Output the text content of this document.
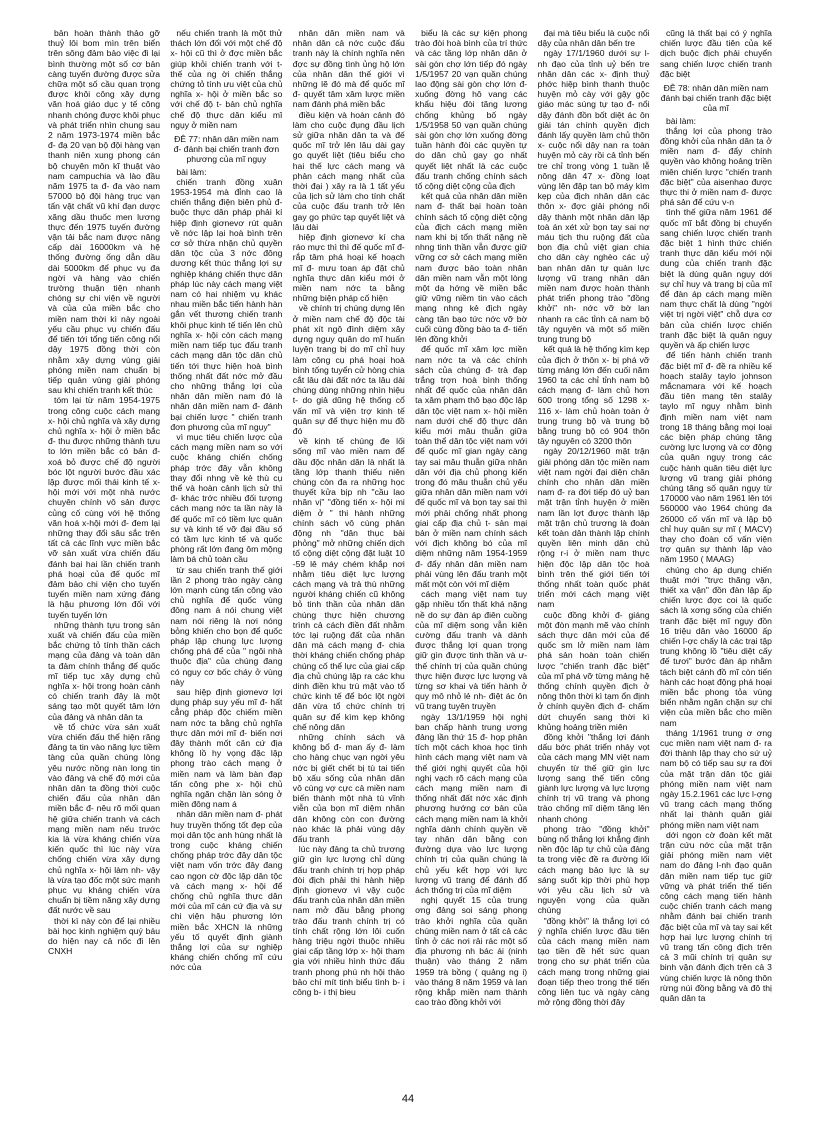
bản hoàn thành thảo gỡ thuỷ lôi bom mìn trên biển trên sông đảm bảo việc đi lại bình thường một số cơ bản càng tuyến đường được sửa chữa một số cầu quan trọng được khôi công xây dựng văn hoá giáo dục y tế công nhanh chóng được khôi phục và phát triển nhìn chung sau 2 năm 1973-1974 miền bắc đ- đạ 20 vạn bộ đội hàng vạn thanh niên xung phong cán bộ chuyên môn kĩ thuật vào nam campuchia và lào đầu năm 1975 ta đ- đa vào nam 57000 bộ đội hàng trục vạn tấn vật chất vũ khí đạn dược xăng dầu thuốc men lương thực đến 1975 tuyến đường vận tải bắc nam được nâng cấp dài 16000km và hệ thống đường ống dẫn dầu dài 5000km để phục vụ đa ngời và hàng vào chiến trường thuận tiện nhanh chóng sự chi viện về người và của của miền bắc cho miền nam thời kì này ngoài yếu cầu phục vụ chiến đấu để tiến tới tổng tiến công nổi dậy 1975 đồng thời còn nhằm xây dựng vùng giải phóng miền nam chuẩn bị tiếp quản vùng giải phóng sau khi chiến tranh kết thúc

tóm lại từ năm 1954-1975 trong công cuộc cách mạng x- hội chủ nghĩa và xây dựng chủ nghĩa x- hội ở miền bắc đ- thu được những thành tựu to lớn miền bắc có bản đ- xoá bỏ được chế độ người bóc lột người bước đầu xác lập được mối thái kinh tế x- hội mới với một nhà nước chuyên chính vô sản được củng cố cùng với hệ thống văn hoá x-hội mới đ- đem lại những thay đổi sâu sắc trên tất cả các lĩnh vực miền bắc vỡ sản xuất vừa chiến đấu đánh bại hai lần chiến tranh phá hoại của đế quốc mĩ đảm bảo chi viện cho tuyến tuyến miền nam xứng đáng là hậu phương lớn đối với tuyến tuyến lớn

những thành tựu trong sản xuất và chiến đấu của miền bắc chứng tỏ tính thần cách mạng của đảng và toàn dân ta đảm chính thắng để quốc mĩ tiếp tục xây dựng chủ nghĩa x- hội trong hoàn cảnh có chiến tranh đây là một sáng tạo một quyết tâm lớn của đảng và nhân dân ta

về tổ chức vừa sản xuất vừa chiến đấu thể hiện răng đảng ta tin vào năng lực tiềm tàng của quần chúng lòng yêu nước nồng nàn long tin vào đảng và chế độ mới của nhân dân ta đồng thời cuộc chiến đấu của nhân dân miền bắc đ- nêu rõ mối quan hệ giữa chiến tranh và cách mạng miền nam nếu trước kia là vừa kháng chiến vừa kiến quốc thì lúc này vừa chống chiến vừa xây dựng chủ nghĩa x- hội làm nh- vậy là vừa tạo đốc một sức mạnh phục vụ kháng chiến vừa chuẩn bị tiềm năng xây dựng đất nước về sau

thời kì này còn để lại nhiều bài học kinh nghiệm quý báu do hiện nay cả nốc đi lên CNXH

nếu chiến tranh là một thử thách lớn đối với một chế độ x- hội cũ thì ở đợc miền bắc giúp khỏi chiến tranh với t- thế của ng ời chiến thắng chứng tỏ tính ưu việt của chủ nghĩa x- hội ở miền bắc so với chế độ t- bản chủ nghĩa chế độ thực dân kiểu mĩ ngụy ở miền nam

ĐÊ 77: nhân dân miền nam đ- đánh bại chiến tranh đơn phương của mĩ ngụy

bài làm:

chiến tranh đồng xuân 1953-1954 mà đỉnh cao là chiến thắng điện biên phủ đ- buộc thực dân pháp phải kí hiệp định giơnevơ rút quân về nớc lập lại hoà bình trên cơ sở thừa nhận chủ quyền dân tộc của 3 nớc đông dương kết thúc thắng lợi sự nghiệp kháng chiến thực dân pháp lúc này cách mạng việt nam có hai nhiệm vụ khác nhau miền bắc tiến hành hàn gắn vết thương chiến tranh khôi phục kinh tế tiến lên chủ nghĩa x- hội còn cách mạng miền nam tiếp tục đấu tranh cách mạng dân tộc dân chủ tiến tới thực hiện hoà bình thống nhất đất nớc mở đầu cho những thắng lợi của nhân dân miền nam đó là nhân dân miền nam đ- đánh bại chiến lược " chiến tranh đơn phương của mĩ ngụy"

vì mục tiêu chiến lược của cách mạng miền nam so với cuộc kháng chiến chống pháp trớc đây vẫn không thay đổi nhng về kẻ thù cụ thể và hoàn cảnh lịch sử thì đ- khác trớc nhiều đối tượng cách mạng nớc ta lần này là để quốc mĩ có tiềm lực quân sự và kinh tế vỡ đại đầu số có tầm lực kinh tế và quốc phòng rất lớn đang ôm mộng làm bá chủ toàn cầu

từ sau chiến tranh thế giới lần 2 phong trào ngày càng lớn mạnh cùng tấn công vào chủ nghĩa đế quốc vùng đông nam á nói chung việt nam nói riêng là nơi nóng bỏng khiến cho bọn để quốc pháp lập chung lực lượng chống phá để của " ngôi nhà thuộc địa" của chúng đang có nguy cơ bốc cháy ở vùng này

sau hiệp định giơnevơ lợi dụng pháp suy yếu mĩ đ- hất cẳng pháp độc chiếm miền nam nớc ta bằng chủ nghĩa thực dân mới mĩ đ- biến nơi đây thành mốt căn cứ địa không lồ hy vọng đặc lập phong trào cách mạng ở miền nam và làm bàn đạp tấn công phe x- hội chủ nghĩa ngăn chặn làn sóng ở miền đông nam á

nhân dân miền nam đ- phát huy truyền thống tốt đẹp của mọi dân tộc anh hùng nhất là trong cuộc kháng chiến chống pháp trớc đây dân tộc việt nam vốn trớc đây đang cao ngọn cờ độc lập dân tộc và cách mạng x- hội để chống chủ nghĩa thực dân mới của mĩ cán cứ địa và sự chi viện hậu phương lớn miền bắc XHCN là những yếu tố quyết định giành thắng lợi của sự nghiệp kháng chiến chống mĩ cứu nớc của

nhân dân miền nam và nhân dân cả nớc cuộc đấu tranh này là chính nghĩa nên đợc sự đồng tình ủng hộ lớn của nhân dân thế giới vì những lẽ đó mà để quốc mĩ đ- quyết tâm xâm lược miền nam đánh phá miền bắc

điều kiện và hoàn cảnh đó làm cho cuộc đụng đầu lịch sử giữa nhân dân ta và đế quốc mĩ trở lên lâu dài gay go quyết liệt (tiêu biểu cho hai thế lực cách mạng và phản cách mạng nhất của thời đại ) xây ra là 1 tất yếu của lịch sử làm cho tính chất của cuộc đấu tranh trở lên gay go phức tạp quyết liệt và lâu dài

hiệp định giơnevơ kí cha ráo mực thì thì đế quốc mĩ đ- rắp tâm phá hoại kế hoạch mĩ đ- mưu toan áp đặt chủ nghĩa thực dân kiểu mới ở miền nam nớc ta bằng những biện pháp cố hiện

về chính trị chúng dựng lên ở miền nam chế độ độc tài phát xít ngô đình diệm xây dựng nguy quân do mĩ huấn luyện trang bị do mĩ chỉ huy làm công cụ phá hoại hoà bình tống tuyển cử hòng chia cắt lâu dài đất nớc ta lâu dài chúng dùng những nhìn hiệu t- do giả dũng hệ thống cổ vấn mĩ và viện trợ kinh tế quân sự để thực hiện mu đồ đó

về kinh tế chúng đe lối sống mĩ vào miền nam để dầu độc nhân dân là nhất là tầng lớp thanh thiếu niên chúng còn đa ra những học thuyết kửa bịp nh "cầu lao nhân vị" "đồng tiến x- hội mi diệm ở " thi hành những chính sách vô cùng phản động nh "dân thục bài phỏng" mở những chiến dịch tố cộng diệt cộng đặt luật 10 -59 lê máy chém khắp nơi nhằm tiêu diệt lực lượng cách mạng và trả thù những người kháng chiến cũ không bỏ tinh thần của nhân dân chúng thực hiện chương trình cả cách điền đất nhằm tớc lại ruộng đất của nhân dân mà cách mạng đ- chia thời kháng chiến chống pháp chúng cố thể lực của giai cấp địa chủ chúng lập ra các khu dinh điền khu trù mật vào tổ chức kinh tế để bóc lột ngời dân vừa tổ chức chính trị quân sự để kìm kẹp không chế nông dân

những chính sách và không bổ đ- man ấy đ- làm cho hàng chục vạn ngời yêu nớc bị giết chết bị tù tai tiến bộ xấu sống của nhân dân vô cùng vợ cực cả miền nam biến thành một nhà tù vĩnh viễn của bọn mĩ diệm nhân dân không còn con đường nào khác là phải vùng dậy đấu tranh

lúc này đảng ta chủ trương giữ gìn lực lượng chỉ dùng đấu tranh chính trị hợp pháp đòi địch phải thi hành hiệp định giơnevơ vì vậy cuộc đấu tranh của nhân dân miền nam mở đầu bằng phong trào đấu tranh chính trị có tính chất rộng lớn lôi cuốn hàng triệu ngời thuộc nhiều giai cấp tầng lớp x- hội tham gia với nhiều hình thức đấu tranh phong phú nh hội thảo bảo chí mít tinh biểu tình b- i công b- i thị bieu

biểu là các sự kiện phong trào đòi hoà bình của trí thức và các tầng lớp nhân dân ở sài gòn chợ lớn tiếp đó ngày 1/5/1957 20 vạn quần chúng lao động sài gòn chợ lớn đ- xuống đờng hô vang các khẩu hiệu đòi tăng lương chống khủng bố ngày 1/5/1958 50 vạn quần chúng sài gòn chợ lớn xuống đờng tuần hành đòi các quyền tự do dân chủ gay go nhất quyết liệt nhất là các cuộc đấu tranh chống chính sách tố cộng diệt cộng của địch

kết quả của nhân dân miền nam đ- thất bại hoàn toàn chính sách tố cộng diệt cộng của địch cách mạng miền nam khi bị tổn thất nặng nề nhng tinh thần vẫn được giữ vững cơ sở cách mạng miền nam được bảo toàn nhân dân miền nam vẫn một lòng một dạ hớng về miền bắc giữ vững niềm tin vào cách mạng nhng kẻ địch ngày càng tăn bạo tức nớc vỡ bờ cuối cùng đồng bào ta đ- tiến lên đồng khởi

để quốc mĩ xâm lợc miền nam nớc ta và các chính sách của chúng đ- trà đạp trắng trợn hoà bình thống nhất để quốc của nhân dân ta xâm phạm thô bạo độc lập dân tộc việt nam x- hội miền nam dưới chế độ thực dân kiểu mới mâu thuẫn giữa toàn thể dân tộc việt nam với để quốc mĩ gian ngày càng tay sai mâu thuẫn giữa nhân dân với địa chủ phong kiến trong đó mâu thuẫn chủ yếu giữa nhân dân miền nam với đế quốc mĩ và bọn tay sai thì mới phải chống nhất phong giai cấp địa chủ t- sản mại bản ở miền nam chính sách với địch không bó của mĩ diệm những năm 1954-1959 đ- đẩy nhân dân miền nam phải vùng lên đấu tranh một mất một còn với mĩ diệm

cách mạng việt nam tuy gặp nhiều tổn thất khá nặng nề do sự đàn áp điên cuồng của mĩ diệm song vẫn kiên cường đấu tranh và dành được thắng lợi quan trọng giữ gìn được tinh thần và ư- thế chính trị của quần chúng thực hiện được lực lượng và từng sơ khai và tiến hành ở quy mô nhỏ lẻ nh- điệt ác ôn vũ trang tuyên truyền

ngày 13/1/1959 hội nghị ban chấp hành trung ương đảng lần thứ 15 đ- họp phân tích một cách khoa học tình hình cách mạng việt nam và thế giới nghị quyết của hội nghị vạch rõ cách mạng của cách mạng miền nam đi thống nhất đất nớc xác định phương hướng cơ bản của cách mạng miền nam là khởi nghĩa dành chính quyền về tay nhân dân bằng con đường dựa vào lực lượng chính trị của quần chúng là chủ yếu kết hợp với lực lượng vũ trang để đánh đổ ách thống trị của mĩ diệm

nghị quyết 15 của trung ơng đảng soi sáng phong trào khởi nghĩa của quần chúng miền nam ở tất cả các tỉnh ở các nơi rải rác một số địa phương nh bác ái (ninh thuận) vào tháng 2 năm 1959 trà bồng ( quảng ng i) vào tháng 8 năm 1959 và lan rộng khắp miền nam thành cao trào đồng khởi với

đại mà tiêu biểu là cuộc nổi dậy của nhân dân bến tre

ngày 17/1/1960 dưới sự l-nh đạo của tỉnh uỷ bến tre nhân dân các x- định thuỷ phớc hiệp bình thanh thuộc huyện mỏ cày với gậy gộc giáo mác súng tự tạo đ- nổi dậy đánh đồn bốt diệt ác ôn giải tán chính quyền địch đánh lấy quyền làm chủ thôn x- cuộc nổi dậy nan ra toàn huyện mỏ cày rồi cả tỉnh bến tre chỉ trong vòng 1 tuần lễ nông dân 47 x- đồng loạt vùng lên đập tan bộ máy kìm kẹp của địch nhân dân các thôn x- đợc giải phóng nổi dậy thành một nhân dân lập toà án xét xử bọn tay sai nợ máu tịch thu ruộng đất của bọn địa chủ việt gian chia cho dân cày nghèo các uỷ ban nhân dân tự quản lực lượng vũ trang nhân dân miền nam được hoàn thành phát triển phong trào "đồng khởi" nh- nớc vỡ bờ lan nhanh ra các tỉnh cả nam bộ tây nguyên và một số miền trung trung bộ

kết quả là hệ thống kìm kẹp của địch ở thôn x- bị phá vỡ từng mảng lớn đến cuối năm 1960 ta các chỉ tỉnh nam bộ cách mạng đ- làm chủ hơn 600 trong tổng số 1298 x- 116 x- làm chủ hoàn toàn ở trung trung bộ và trung bộ bằng trung bộ có 904 thôn tây nguyên có 3200 thôn

ngày 20/12/1960 mặt trận giải phóng dân tộc miền nam việt nam ngời đại diện chân chính cho nhân dân miền nam đ- ra đời tiếp đó uỷ ban mặt trận tỉnh huyện ở miền nam lần lợt được thành lập mặt trận chủ trương là đoàn kết toàn dân thành lập chính quyền liên minh dân chủ rộng r-i ở miền nam thực hiện độc lập dân tộc hoà bình trên thế giới tiến tới thống nhất toàn quốc phát triển mới cách mạng việt nam

cuộc đồng khởi đ- giáng một đòn mạnh mẽ vào chính sách thực dân mới của đế quốc sm lở miền nam làm phá sản hoàn toàn chiến lược "chiến tranh đặc biệt" của mĩ phá vỡ từng mảng hệ thống chính quyền địch ở nông thôn thời kì tạm ổn định ở chính quyền địch đ- chấm dứt chuyển sang thời kì khủng hoảng triền miên

đồng khởi "thắng lợi đánh dấu bớc phát triển nhảy vọt của cách mạng MN việt nam chuyển từ thế giữ gìn lực lượng sang thế tiến công giành lực lượng và lực lượng chính trị vũ trang và phong trào chống mĩ diệm tăng lên nhanh chóng

phong trào "đồng khởi" bùng nổ thắng lợi khẳng định nền độc lập tự chủ của đảng ta trong việc đề ra đường lối cách mạng bảo lực là sự sáng suốt kịp thời phù hợp với yêu cầu lịch sử và nguyện vọng của quần chúng

"đồng khởi" là thắng lợi có ý nghĩa chiến lược đầu tiên của cách mạng miền nam tạo tiền đề hết sức quan trọng cho sự phát triển của cách mạng trong những giai đoạn tiếp theo trong thế tiến công liên tục và ngày càng mở rộng đồng thời đây

cũng là thất bại có ý nghĩa chiến lược đầu tiên của kế dịch buộc địch phải chuyển sang chiến lược chiến tranh đặc biệt

ĐÊ 78: nhân dân miền nam đánh bại chiến tranh đặc biệt của mĩ

bài làm:

thắng lợi của phong trào đồng khởi của nhân dân ta ở miền nam đ- đẩy chính quyền vào không hoảng triền miên chiến lược "chiến tranh đặc biệt" của aisenhao được thực thi ở miền nam đ- được phá sản để cứu v-n

tình thế giữa năm 1961 để quốc mĩ bắt đồng bị chuyển sang chiến lược chiến tranh đặc biệt 1 hình thức chiến tranh thực dân kiểu mới nội dung của chiến tranh đặc biệt là dùng quân ngụy dới sự chỉ huy và trang bị của mĩ để đàn áp cách mạng miền nam thực chất là dùng "ngời việt trị ngời việt" chỗ dựa cơ bản của chiến lược chiến tranh đặc biệt là quân ngụy quyền và ấp chiến lược

để tiến hành chiến tranh đặc biệt mĩ đ- đề ra nhiều kế hoạch stalây taylo johnson mắcnamara với kế hoạch đầu tiên mang tên stalây taylo mĩ ngụy nhằm bình định miền nam việt nam trong 18 tháng bằng mọi loại các biện pháp chúng tăng cường lực lượng và cơ động của quân ngụy trong các cuộc hành quân tiêu diệt lực lượng vũ trang giải phóng chúng tăng số quân ngụy từ 170000 vào năm 1961 lên tới 560000 vào 1964 chúng đa 26000 cố vấn mĩ và lập bộ chỉ huy quân sự mĩ ( MACV) thay cho đoàn cố vấn viện trợ quân sự thành lập vào năm 1950 ( MAAG)

chúng cho áp dụng chiến thuật mới "trực thăng vận, thiết xa vận" đồn đàn lập ấp chiến lược đợc coi là quốc sách là xơng sống của chiến tranh đặc biệt mĩ ngụy đồn 16 triệu dân vào 16000 ấp chiến l-ợc chấy là các trại tập trung không lồ "tiêu diệt cấy đế tươi" bước đàn áp nhằm tách biệt cánh đồ mĩ còn tiến hành các hoạt động phá hoại miền bắc phong tỏa vùng biển nhằm ngăn chặn sự chi viện của miền bắc cho miền nam

tháng 1/1961 trung ơ ơng cục miền nam việt nam đ- ra đời thành lập thay cho sứ uỷ nam bộ có tiếp sau sự ra đời của mặt trận dân tộc giải phóng miền nam việt nam ngày 15.2.1961 các lực l-ợng vũ trang cách mạng thống nhất lại thành quân giải phóng miền nam việt nam

dới ngọn cờ đoàn kết mặt trận cứu nớc của mặt trận giải phóng miền nam việt nam do đảng l-nh đạo quân dân miền nam tiếp tục giữ vững và phát triển thế tiến công cách mạng tiến hành cuộc chiến tranh cách mạng nhằm đánh bại chiến tranh đặc biệt của mĩ và tay sai kết hợp hai lực lượng chính trị vũ trang tấn công địch trên cả 3 mũi chính trị quân sự binh vận đánh địch trên cả 3 vùng chiến lược là nông thôn rừng núi đồng bằng và đô thị quân dân ta

44
